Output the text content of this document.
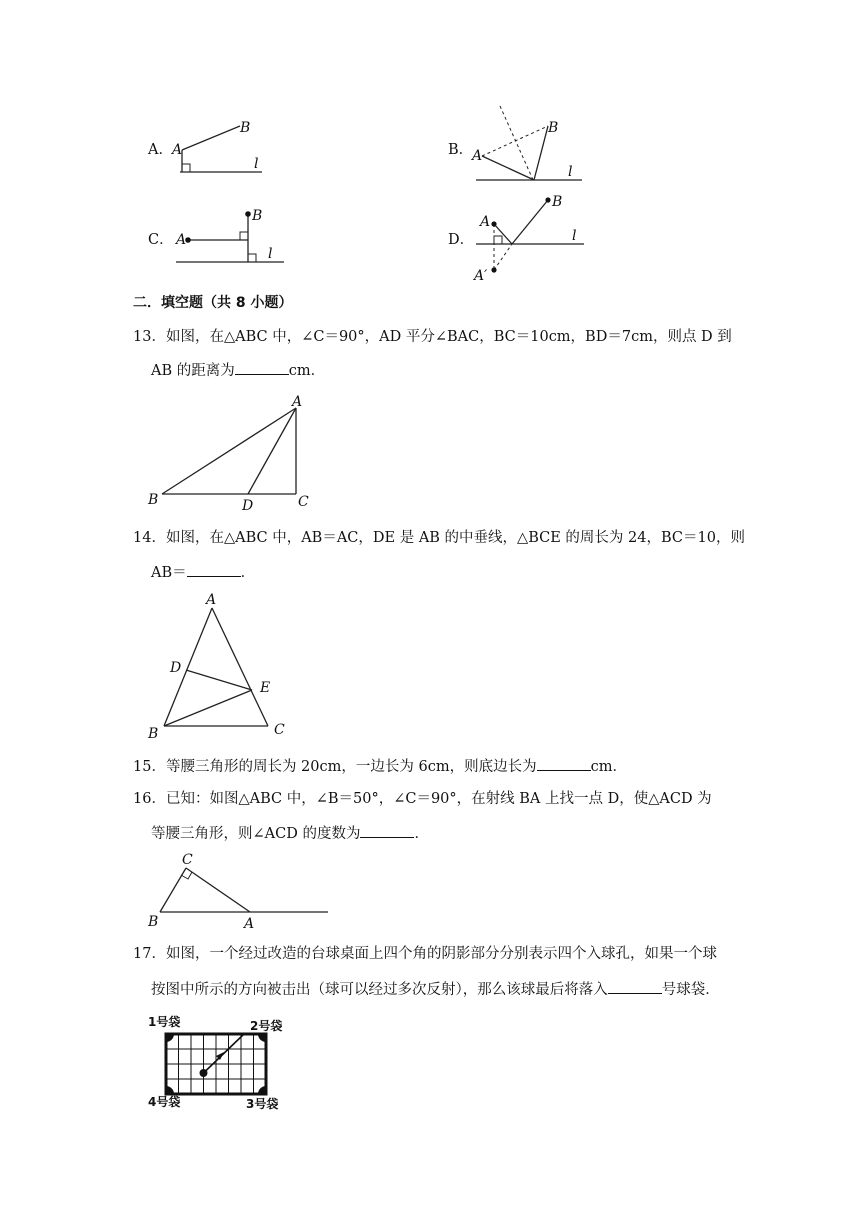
A． A
B
l
B．
A
B
l
C． A
B
l
D．
A
B
A′
l
二．填空题（共 8 小题）
13．如图，在△ABC 中，∠C＝90°，AD 平分∠BAC，BC＝10cm，BD＝7cm，则点 D 到
AB 的距离为	cm．
A
B	C
D
14．如图，在△ABC 中，AB＝AC，DE 是 AB 的中垂线，△BCE 的周长为 24，BC＝10，则
AB＝	．
A
B	C
D
E
15．等腰三角形的周长为 20cm，一边长为 6cm，则底边长为	cm．
16．已知：如图△ABC 中，∠B＝50°，∠C＝90°，在射线 BA 上找一点 D，使△ACD 为
等腰三角形，则∠ACD 的度数为	．
C
B	A
17．如图，一个经过改造的台球桌面上四个角的阴影部分分别表示四个入球孔，如果一个球
按图中所示的方向被击出（球可以经过多次反射），那么该球最后将落入	号球袋．
1号袋	2号袋
3号袋
4号袋
